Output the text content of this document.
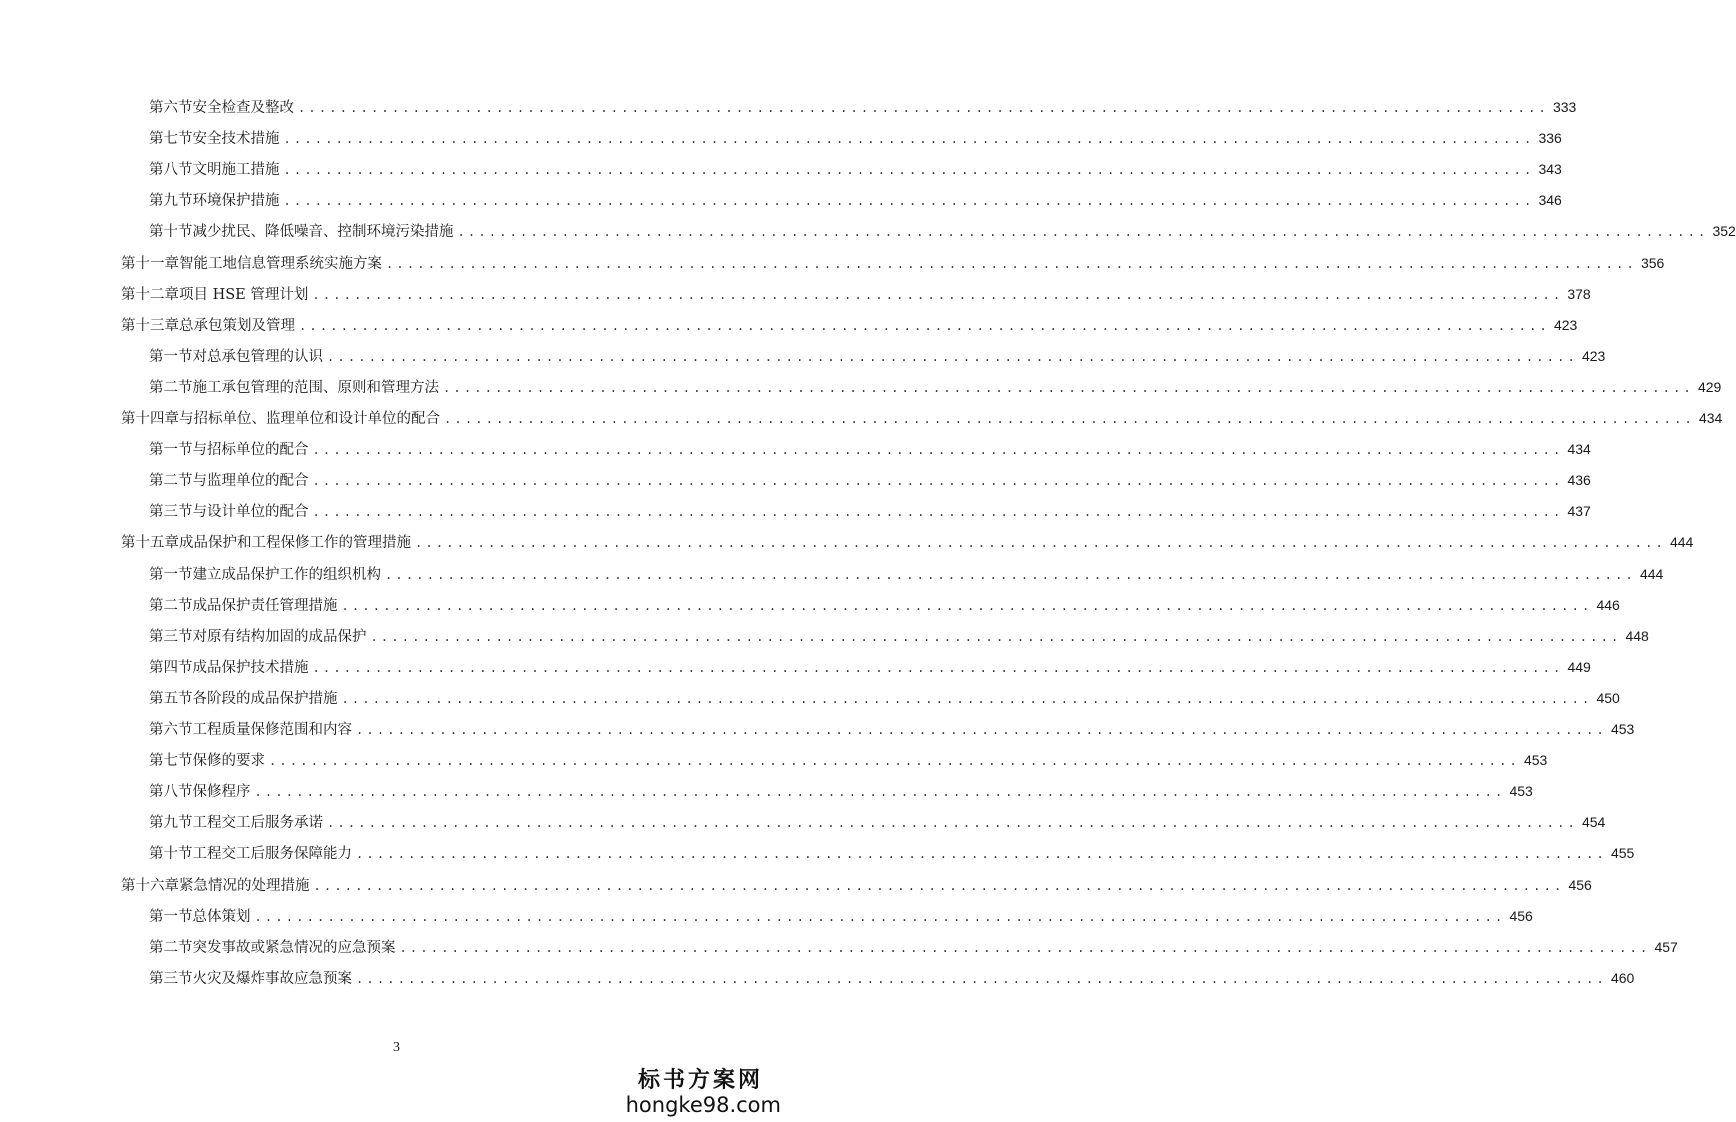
第六节 安全检查及整改 ........................................................................................................................ 333
第七节 安全技术措施 ........................................................................................................................ 336
第八节 文明施工措施 ........................................................................................................................ 343
第九节 环境保护措施 ........................................................................................................................ 346
第十节 减少扰民、降低噪音、控制环境污染措施 ........................................................................................................................ 352
第十一章 智能工地信息管理系统实施方案 ........................................................................................................................ 356
第十二章 项目 HSE 管理计划 ........................................................................................................................ 378
第十三章 总承包策划及管理 ........................................................................................................................ 423
第一节 对总承包管理的认识 ........................................................................................................................ 423
第二节 施工承包管理的范围、原则和管理方法 ........................................................................................................................ 429
第十四章 与招标单位、监理单位和设计单位的配合 ........................................................................................................................ 434
第一节 与招标单位的配合 ........................................................................................................................ 434
第二节 与监理单位的配合 ........................................................................................................................ 436
第三节 与设计单位的配合 ........................................................................................................................ 437
第十五章 成品保护和工程保修工作的管理措施 ........................................................................................................................ 444
第一节 建立成品保护工作的组织机构 ........................................................................................................................ 444
第二节 成品保护责任管理措施 ........................................................................................................................ 446
第三节 对原有结构加固的成品保护 ........................................................................................................................ 448
第四节 成品保护技术措施 ........................................................................................................................ 449
第五节 各阶段的成品保护措施 ........................................................................................................................ 450
第六节 工程质量保修范围和内容 ........................................................................................................................ 453
第七节 保修的要求 ........................................................................................................................ 453
第八节 保修程序 ........................................................................................................................ 453
第九节 工程交工后服务承诺 ........................................................................................................................ 454
第十节 工程交工后服务保障能力 ........................................................................................................................ 455
第十六章 紧急情况的处理措施 ........................................................................................................................ 456
第一节 总体策划 ........................................................................................................................ 456
第二节 突发事故或紧急情况的应急预案 ........................................................................................................................ 457
第三节 火灾及爆炸事故应急预案 ........................................................................................................................ 460
3
标书方案网
hongke98.com
